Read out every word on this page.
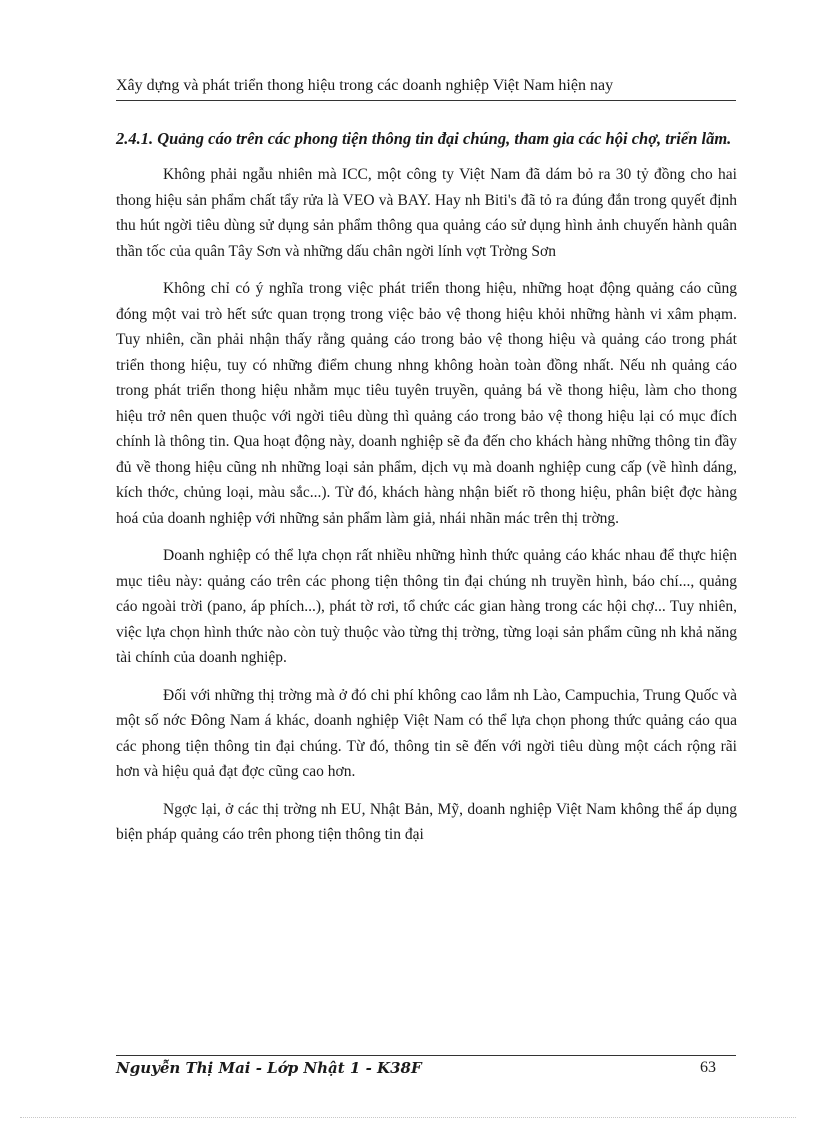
Xây dựng và phát triển thong hiệu trong các doanh nghiệp Việt Nam hiện nay
2.4.1. Quảng cáo trên các phong tiện thông tin đại chúng, tham gia các hội chợ, triển lãm.

Không phải ngẫu nhiên mà ICC, một công ty Việt Nam đã dám bỏ ra 30 tỷ đồng cho hai thong hiệu sản phẩm chất tẩy rửa là VEO và BAY. Hay nh Biti's đã tỏ ra đúng đắn trong quyết định thu hút ngời tiêu dùng sử dụng sản phẩm thông qua quảng cáo sử dụng hình ảnh chuyến hành quân thần tốc của quân Tây Sơn và những dấu chân ngời lính vợt Trờng Sơn

Không chỉ có ý nghĩa trong việc phát triển thong hiệu, những hoạt động quảng cáo cũng đóng một vai trò hết sức quan trọng trong việc bảo vệ thong hiệu khỏi những hành vi xâm phạm. Tuy nhiên, cần phải nhận thấy rằng quảng cáo trong bảo vệ thong hiệu và quảng cáo trong phát triển thong hiệu, tuy có những điểm chung nhng không hoàn toàn đồng nhất. Nếu nh quảng cáo trong phát triển thong hiệu nhằm mục tiêu tuyên truyền, quảng bá về thong hiệu, làm cho thong hiệu trở nên quen thuộc với ngời tiêu dùng thì quảng cáo trong bảo vệ thong hiệu lại có mục đích chính là thông tin. Qua hoạt động này, doanh nghiệp sẽ đa đến cho khách hàng những thông tin đầy đủ về thong hiệu cũng nh những loại sản phẩm, dịch vụ mà doanh nghiệp cung cấp (về hình dáng, kích thớc, chủng loại, màu sắc...). Từ đó, khách hàng nhận biết rõ thong hiệu, phân biệt đợc hàng hoá của doanh nghiệp với những sản phẩm làm giả, nhái nhãn mác trên thị trờng.

Doanh nghiệp có thể lựa chọn rất nhiều những hình thức quảng cáo khác nhau để thực hiện mục tiêu này: quảng cáo trên các phong tiện thông tin đại chúng nh truyền hình, báo chí..., quảng cáo ngoài trời (pano, áp phích...), phát tờ rơi, tổ chức các gian hàng trong các hội chợ... Tuy nhiên, việc lựa chọn hình thức nào còn tuỳ thuộc vào từng thị trờng, từng loại sản phẩm cũng nh khả năng tài chính của doanh nghiệp.

Đối với những thị trờng mà ở đó chi phí không cao lắm nh Lào, Campuchia, Trung Quốc và một số nớc Đông Nam á khác, doanh nghiệp Việt Nam có thể lựa chọn phong thức quảng cáo qua các phong tiện thông tin đại chúng. Từ đó, thông tin sẽ đến với ngời tiêu dùng một cách rộng rãi hơn và hiệu quả đạt đợc cũng cao hơn.

Ngợc lại, ở các thị trờng nh EU, Nhật Bản, Mỹ, doanh nghiệp Việt Nam không thể áp dụng biện pháp quảng cáo trên phong tiện thông tin đại

Nguyễn Thị Mai - Lớp Nhật 1 - K38F	63
